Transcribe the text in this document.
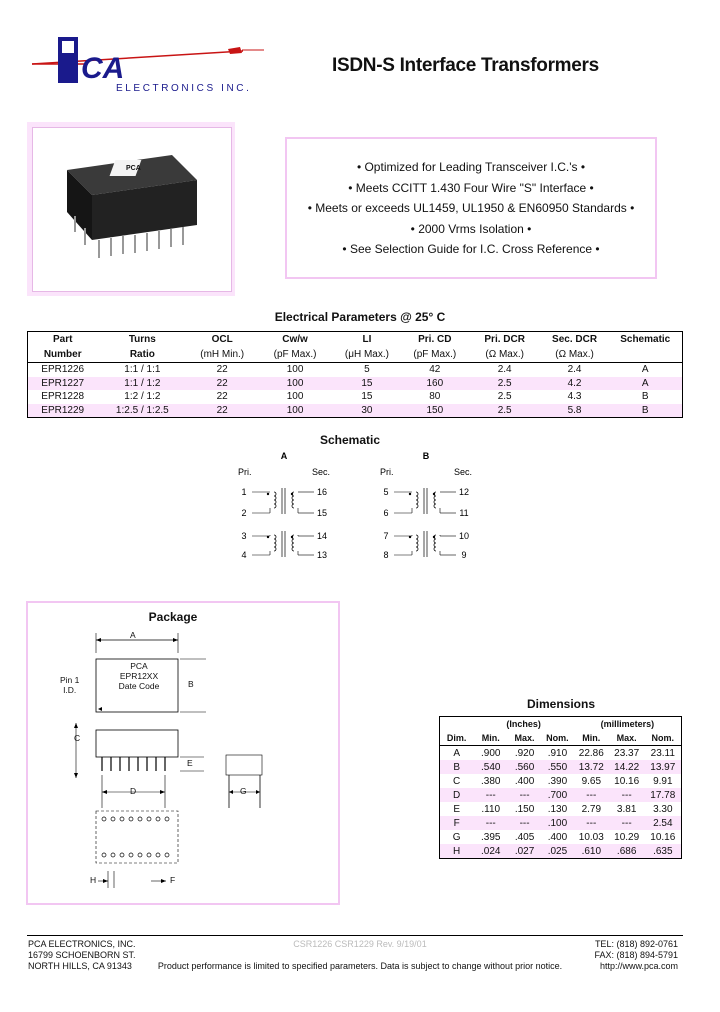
CA
ELECTRONICS INC.
ISDN-S Interface Transformers
PCA	• Optimized for Leading Transceiver I.C.'s •
• Meets CCITT 1.430 Four Wire "S" Interface •
• Meets or exceeds UL1459, UL1950 & EN60950 Standards •
• 2000 Vrms Isolation •
• See Selection Guide for I.C. Cross Reference •
Electrical Parameters @ 25° C
Part	Turns	OCL	Cw/w	LI	Pri. CD	Pri. DCR	Sec. DCR	Schematic
Number	Ratio	(mH Min.)	(pF Max.)	(μH Max.)	(pF Max.)	(Ω Max.)	(Ω Max.)	
EPR1226	1:1 / 1:1	22	100	5	42	2.4	2.4	A
EPR1227	1:1 / 1:2	22	100	15	160	2.5	4.2	A
EPR1228	1:2 / 1:2	22	100	15	80	2.5	4.3	B
EPR1229	1:2.5 / 1:2.5	22	100	30	150	2.5	5.8	B
Schematic
A
Pri.	Sec.
1	16
2	15
3	14
4	13
B
Pri.	Sec.
5	12
6	11
7	10
8	9
Package
A
PCA
EPR12XX
Date Code
Pin 1
I.D.
B
C
E
D	G
H	F
Dimensions
	(Inches)			(millimeters)		
Dim.	Min.	Max.	Nom.	Min.	Max.	Nom.
A	.900	.920	.910	22.86	23.37	23.11
B	.540	.560	.550	13.72	14.22	13.97
C	.380	.400	.390	9.65	10.16	9.91
D	---	---	.700	---	---	17.78
E	.110	.150	.130	2.79	3.81	3.30
F	---	---	.100	---	---	2.54
G	.395	.405	.400	10.03	10.29	10.16
H	.024	.027	.025	.610	.686	.635
PCA ELECTRONICS, INC.
16799 SCHOENBORN ST.
NORTH HILLS, CA 91343
CSR1226 CSR1229 Rev. 9/19/01
Product performance is limited to specified parameters. Data is subject to change without prior notice.
TEL: (818) 892-0761
FAX: (818) 894-5791
http://www.pca.com
